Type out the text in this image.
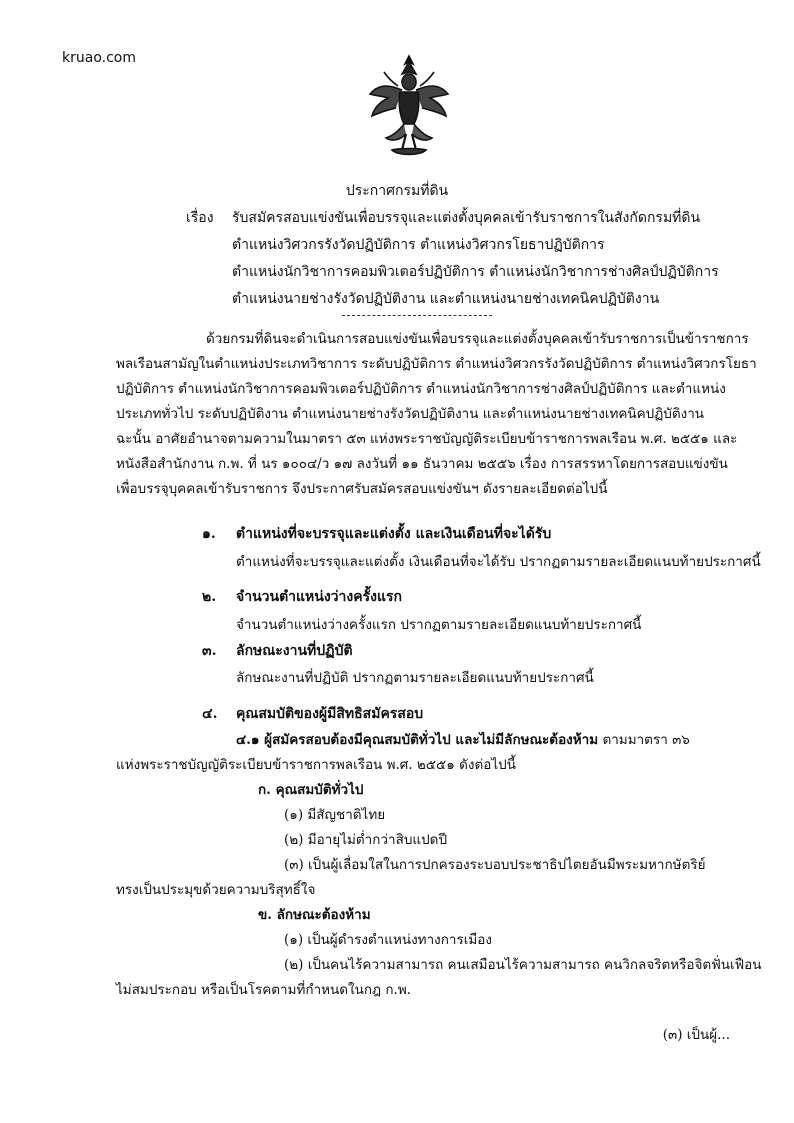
kruao.com
ประกาศกรมที่ดิน
เรื่อง รับสมัครสอบแข่งขันเพื่อบรรจุและแต่งตั้งบุคคลเข้ารับราชการในสังกัดกรมที่ดิน
ตำแหน่งวิศวกรรังวัดปฏิบัติการ ตำแหน่งวิศวกรโยธาปฏิบัติการ
ตำแหน่งนักวิชาการคอมพิวเตอร์ปฏิบัติการ ตำแหน่งนักวิชาการช่างศิลป์ปฏิบัติการ
ตำแหน่งนายช่างรังวัดปฏิบัติงาน และตำแหน่งนายช่างเทคนิคปฏิบัติงาน
ด้วยกรมที่ดินจะดำเนินการสอบแข่งขันเพื่อบรรจุและแต่งตั้งบุคคลเข้ารับราชการเป็นข้าราชการ
พลเรือนสามัญในตำแหน่งประเภทวิชาการ ระดับปฏิบัติการ ตำแหน่งวิศวกรรังวัดปฏิบัติการ ตำแหน่งวิศวกรโยธา
ปฏิบัติการ ตำแหน่งนักวิชาการคอมพิวเตอร์ปฏิบัติการ ตำแหน่งนักวิชาการช่างศิลป์ปฏิบัติการ และตำแหน่ง
ประเภททั่วไป ระดับปฏิบัติงาน ตำแหน่งนายช่างรังวัดปฏิบัติงาน และตำแหน่งนายช่างเทคนิคปฏิบัติงาน
ฉะนั้น อาศัยอำนาจตามความในมาตรา ๕๓ แห่งพระราชบัญญัติระเบียบข้าราชการพลเรือน พ.ศ. ๒๕๕๑ และ
หนังสือสำนักงาน ก.พ. ที่ นร ๑๐๐๔/ว ๑๗ ลงวันที่ ๑๑ ธันวาคม ๒๕๕๖ เรื่อง การสรรหาโดยการสอบแข่งขัน
เพื่อบรรจุบุคคลเข้ารับราชการ จึงประกาศรับสมัครสอบแข่งขันฯ ดังรายละเอียดต่อไปนี้
๑. ตำแหน่งที่จะบรรจุและแต่งตั้ง และเงินเดือนที่จะได้รับ
ตำแหน่งที่จะบรรจุและแต่งตั้ง เงินเดือนที่จะได้รับ ปรากฏตามรายละเอียดแนบท้ายประกาศนี้
๒. จำนวนตำแหน่งว่างครั้งแรก
จำนวนตำแหน่งว่างครั้งแรก ปรากฏตามรายละเอียดแนบท้ายประกาศนี้
๓. ลักษณะงานที่ปฏิบัติ
ลักษณะงานที่ปฏิบัติ ปรากฏตามรายละเอียดแนบท้ายประกาศนี้
๔. คุณสมบัติของผู้มีสิทธิสมัครสอบ
๔.๑ ผู้สมัครสอบต้องมีคุณสมบัติทั่วไป และไม่มีลักษณะต้องห้าม ตามมาตรา ๓๖
แห่งพระราชบัญญัติระเบียบข้าราชการพลเรือน พ.ศ. ๒๕๕๑ ดังต่อไปนี้
ก. คุณสมบัติทั่วไป
(๑) มีสัญชาติไทย
(๒) มีอายุไม่ต่ำกว่าสิบแปดปี
(๓) เป็นผู้เลื่อมใสในการปกครองระบอบประชาธิปไตยอันมีพระมหากษัตริย์
ทรงเป็นประมุขด้วยความบริสุทธิ์ใจ
ข. ลักษณะต้องห้าม
(๑) เป็นผู้ดำรงตำแหน่งทางการเมือง
(๒) เป็นคนไร้ความสามารถ คนเสมือนไร้ความสามารถ คนวิกลจริตหรือจิตฟั่นเฟือน
ไม่สมประกอบ หรือเป็นโรคตามที่กำหนดในกฎ ก.พ.
(๓) เป็นผู้...
